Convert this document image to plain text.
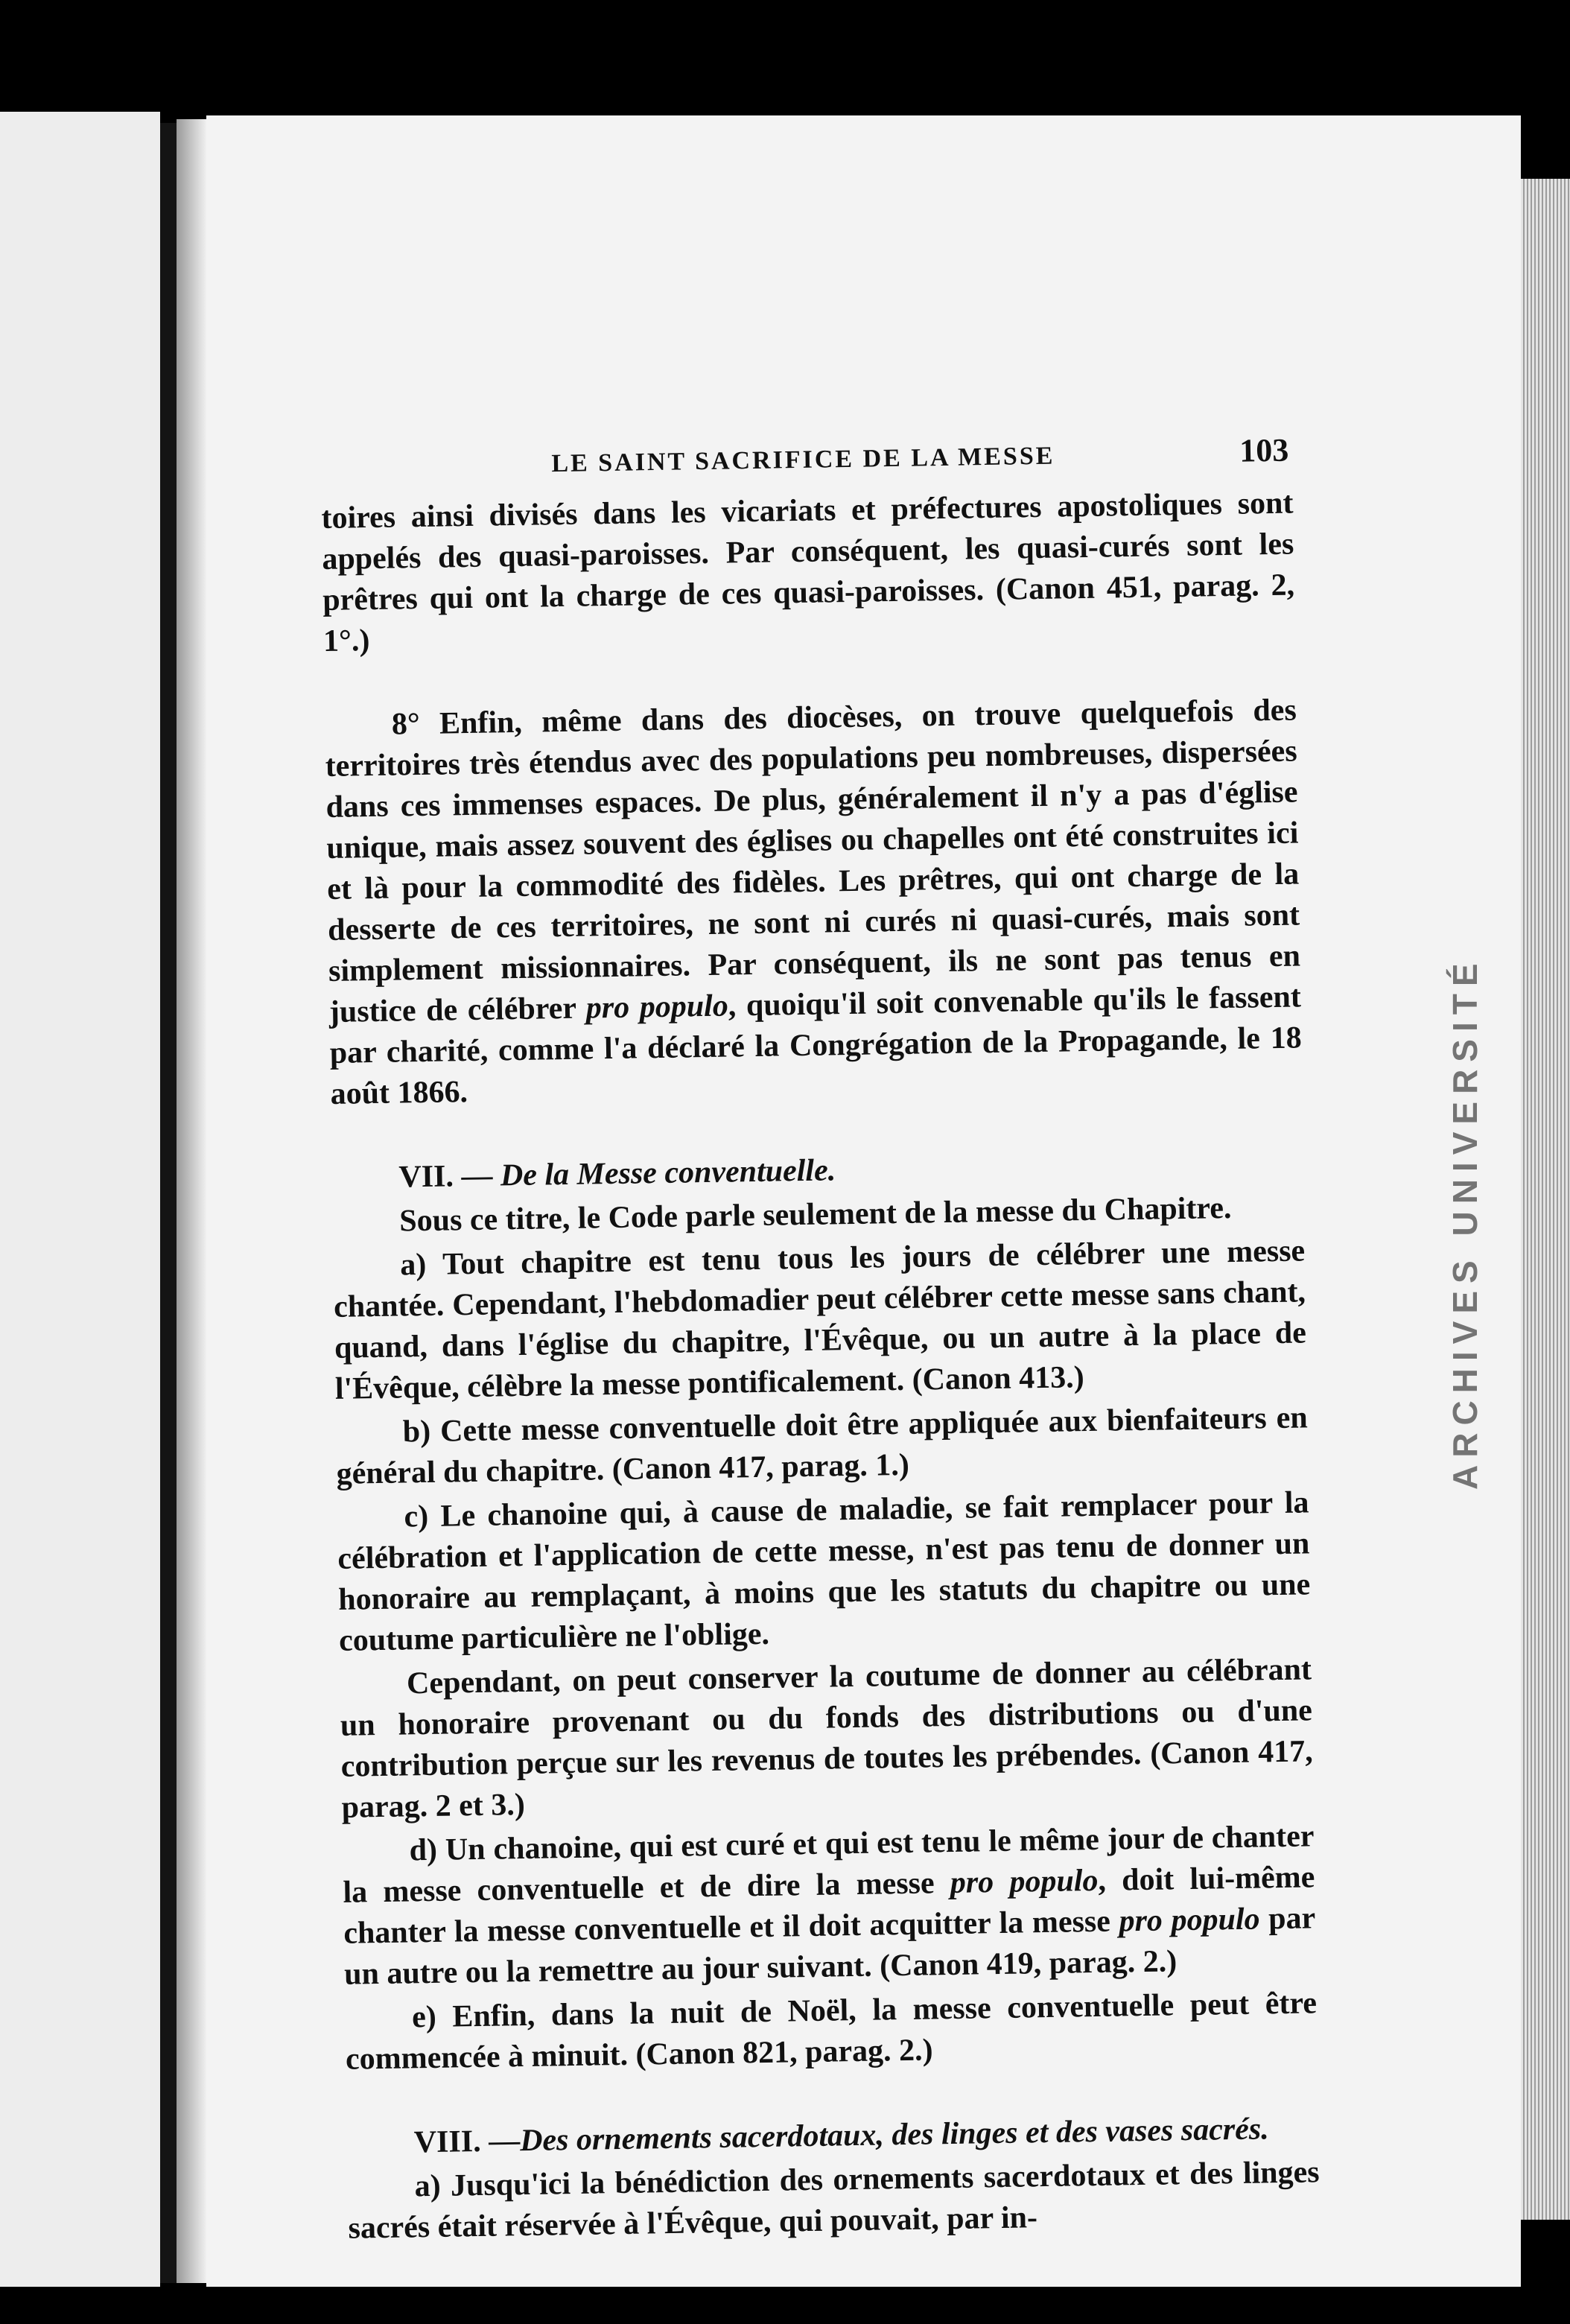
ARCHIVES UNIVERSITÉ
LE SAINT SACRIFICE DE LA MESSE	103

toires ainsi divisés dans les vicariats et préfectures apostoliques sont appelés des quasi-paroisses. Par conséquent, les quasi-curés sont les prêtres qui ont la charge de ces quasi-paroisses. (Canon 451, parag. 2, 1°.)

8° Enfin, même dans des diocèses, on trouve quelquefois des territoires très étendus avec des populations peu nombreuses, dispersées dans ces immenses espaces. De plus, généralement il n'y a pas d'église unique, mais assez souvent des églises ou chapelles ont été construites ici et là pour la commodité des fidèles. Les prêtres, qui ont charge de la desserte de ces territoires, ne sont ni curés ni quasi-curés, mais sont simplement missionnaires. Par conséquent, ils ne sont pas tenus en justice de célébrer pro populo, quoiqu'il soit convenable qu'ils le fassent par charité, comme l'a déclaré la Congrégation de la Propagande, le 18 août 1866.

VII. — De la Messe conventuelle.

Sous ce titre, le Code parle seulement de la messe du Chapitre.

a) Tout chapitre est tenu tous les jours de célébrer une messe chantée. Cependant, l'hebdomadier peut célébrer cette messe sans chant, quand, dans l'église du chapitre, l'Évêque, ou un autre à la place de l'Évêque, célèbre la messe pontificalement. (Canon 413.)

b) Cette messe conventuelle doit être appliquée aux bienfaiteurs en général du chapitre. (Canon 417, parag. 1.)

c) Le chanoine qui, à cause de maladie, se fait remplacer pour la célébration et l'application de cette messe, n'est pas tenu de donner un honoraire au remplaçant, à moins que les statuts du chapitre ou une coutume particulière ne l'oblige.

Cependant, on peut conserver la coutume de donner au célébrant un honoraire provenant ou du fonds des distributions ou d'une contribution perçue sur les revenus de toutes les prébendes. (Canon 417, parag. 2 et 3.)

d) Un chanoine, qui est curé et qui est tenu le même jour de chanter la messe conventuelle et de dire la messe pro populo, doit lui-même chanter la messe conventuelle et il doit acquitter la messe pro populo par un autre ou la remettre au jour suivant. (Canon 419, parag. 2.)

e) Enfin, dans la nuit de Noël, la messe conventuelle peut être commencée à minuit. (Canon 821, parag. 2.)

VIII. —Des ornements sacerdotaux, des linges et des vases sacrés.

a) Jusqu'ici la bénédiction des ornements sacerdotaux et des linges sacrés était réservée à l'Évêque, qui pouvait, par in-
